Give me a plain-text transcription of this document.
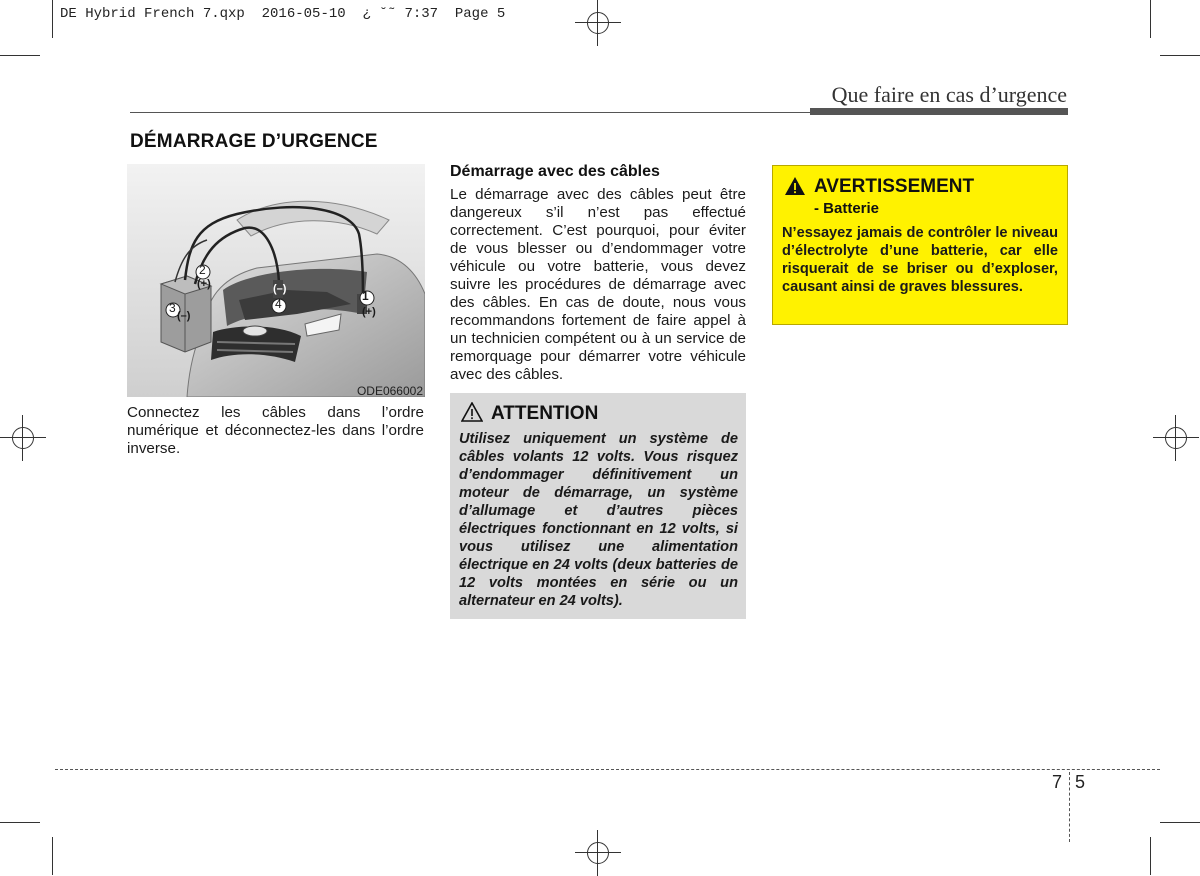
DE Hybrid French 7.qxp  2016-05-10  ¿ ˘˜ 7:37  Page 5
Que faire en cas d’urgence
DÉMARRAGE D’URGENCE
1
2
3	4
(+)
(+)
(–)
(–)
ODE066002
Connectez les câbles dans l’ordre numérique et déconnectez-les dans l’ordre inverse.
Démarrage avec des câbles
Le démarrage avec des câbles peut être dangereux s’il n’est pas effectué correctement. C’est pourquoi, pour éviter de vous blesser ou d’endommager votre véhicule ou votre batterie, vous devez suivre les procédures de démarrage avec des câbles. En cas de doute, nous vous recommandons fortement de faire appel à un technicien compétent ou à un service de remorquage pour démarrer votre véhicule avec des câbles.
ATTENTION
Utilisez uniquement un système de câbles volants 12 volts. Vous risquez d’endommager définitivement un moteur de démarrage, un système d’allumage et d’autres pièces électriques fonctionnant en 12 volts, si vous utilisez une alimentation électrique en 24 volts (deux batteries de 12 volts montées en série ou un alternateur en 24 volts).
AVERTISSEMENT
- Batterie
N’essayez jamais de contrôler le niveau d’électrolyte d’une batterie, car elle risquerait de se briser ou d’exploser, causant ainsi de graves blessures.
7 5
